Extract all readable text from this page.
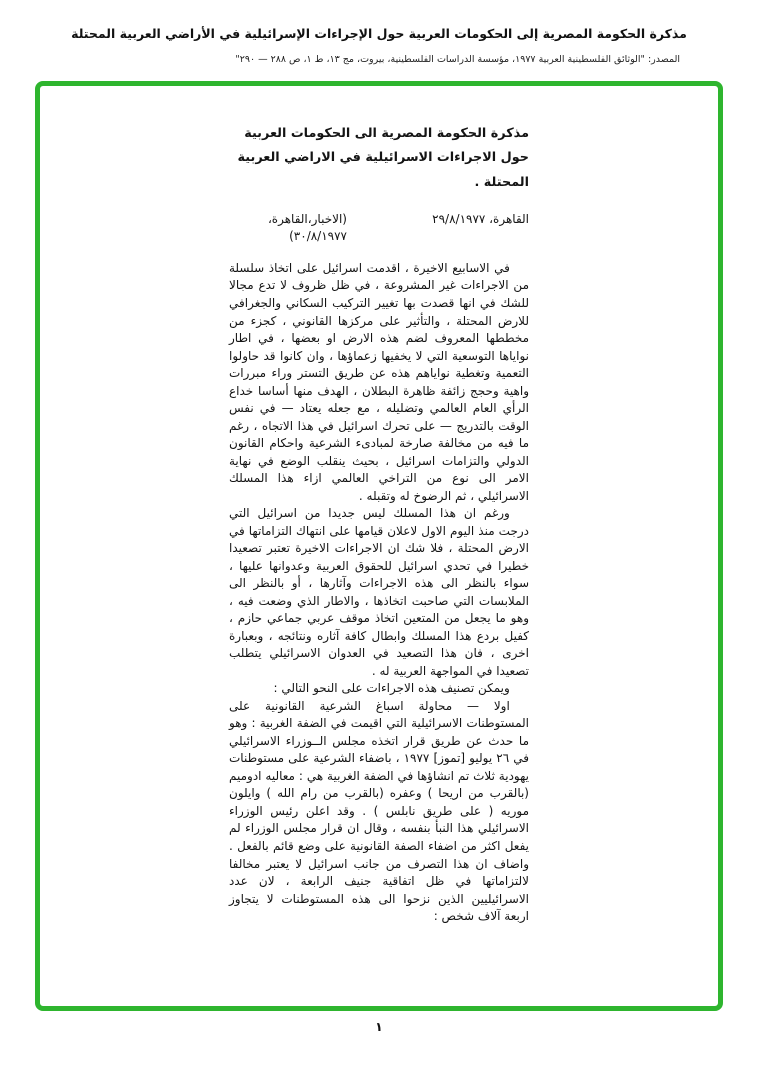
مذكرة الحكومة المصرية إلى الحكومات العربية حول الإجراءات الإسرائيلية في الأراضي العربية المحتلة
المصدر: "الوثائق الفلسطينية العربية ١٩٧٧، مؤسسة الدراسات الفلسطينية، بيروت، مج ١٣، ط ١، ص ٢٨٨ — ٢٩٠"
مذكرة الحكومة المصرية الى الحكومات العربية حول الاجراءات الاسرائيلية في الاراضي العربية المحتلة .
القاهرة، ٢٩/٨/١٩٧٧
(الاخبار،القاهرة، ٣٠/٨/١٩٧٧)

في الاسابيع الاخيرة ، اقدمت اسرائيل على اتخاذ سلسلة من الاجراءات غير المشروعة ، في ظل ظروف لا تدع مجالا للشك في انها قصدت بها تغيير التركيب السكاني والجغرافي للارض المحتلة ، والتأثير على مركزها القانوني ، كجزء من مخططها المعروف لضم هذه الارض او بعضها ، في اطار نواياها التوسعية التي لا يخفيها زعماؤها ، وان كانوا قد حاولوا التعمية وتغطية نواياهم هذه عن طريق التستر وراء مبررات واهية وحجج زائفة ظاهرة البطلان ، الهدف منها أساسا خداع الرأي العام العالمي وتضليله ، مع جعله يعتاد — في نفس الوقت بالتدريج — على تحرك اسرائيل في هذا الاتجاه ، رغم ما فيه من مخالفة صارخة لمبادىء الشرعية واحكام القانون الدولي والتزامات اسرائيل ، بحيث ينقلب الوضع في نهاية الامر الى نوع من التراخي العالمي ازاء هذا المسلك الاسرائيلي ، ثم الرضوخ له وتقبله .

ورغم ان هذا المسلك ليس جديدا من اسرائيل التي درجت منذ اليوم الاول لاعلان قيامها على انتهاك التزاماتها في الارض المحتلة ، فلا شك ان الاجراءات الاخيرة تعتبر تصعيدا خطيرا في تحدي اسرائيل للحقوق العربية وعدوانها عليها ، سواء بالنظر الى هذه الاجراءات وآثارها ، أو بالنظر الى الملابسات التي صاحبت اتخاذها ، والاطار الذي وضعت فيه ، وهو ما يجعل من المتعين اتخاذ موقف عربي جماعي حازم ، كفيل بردع هذا المسلك وابطال كافة آثاره ونتائجه ، وبعبارة اخرى ، فان هذا التصعيد في العدوان الاسرائيلي يتطلب تصعيدا في المواجهة العربية له .

ويمكن تصنيف هذه الاجراءات على النحو التالي :

اولا — محاولة اسباغ الشرعية القانونية على المستوطنات الاسرائيلية التي اقيمت في الضفة الغربية : وهو ما حدث عن طريق قرار اتخذه مجلس الــوزراء الاسرائيلي في ٢٦ يوليو [تموز] ١٩٧٧ ، باضفاء الشرعية على مستوطنات يهودية ثلاث تم انشاؤها في الضفة الغربية هي : معاليه ادوميم (بالقرب من اريحا ) وعفره (بالقرب من رام الله ) وايلون موريه ( على طريق نابلس ) . وقد اعلن رئيس الوزراء الاسرائيلي هذا النبأ بنفسه ، وقال ان قرار مجلس الوزراء لم يفعل اكثر من اضفاء الصفة القانونية على وضع قائم بالفعل . واضاف ان هذا التصرف من جانب اسرائيل لا يعتبر مخالفا لالتزاماتها في ظل اتفاقية جنيف الرابعة ، لان عدد الاسرائيليين الذين نزحوا الى هذه المستوطنات لا يتجاوز اربعة آلاف شخص :

١
